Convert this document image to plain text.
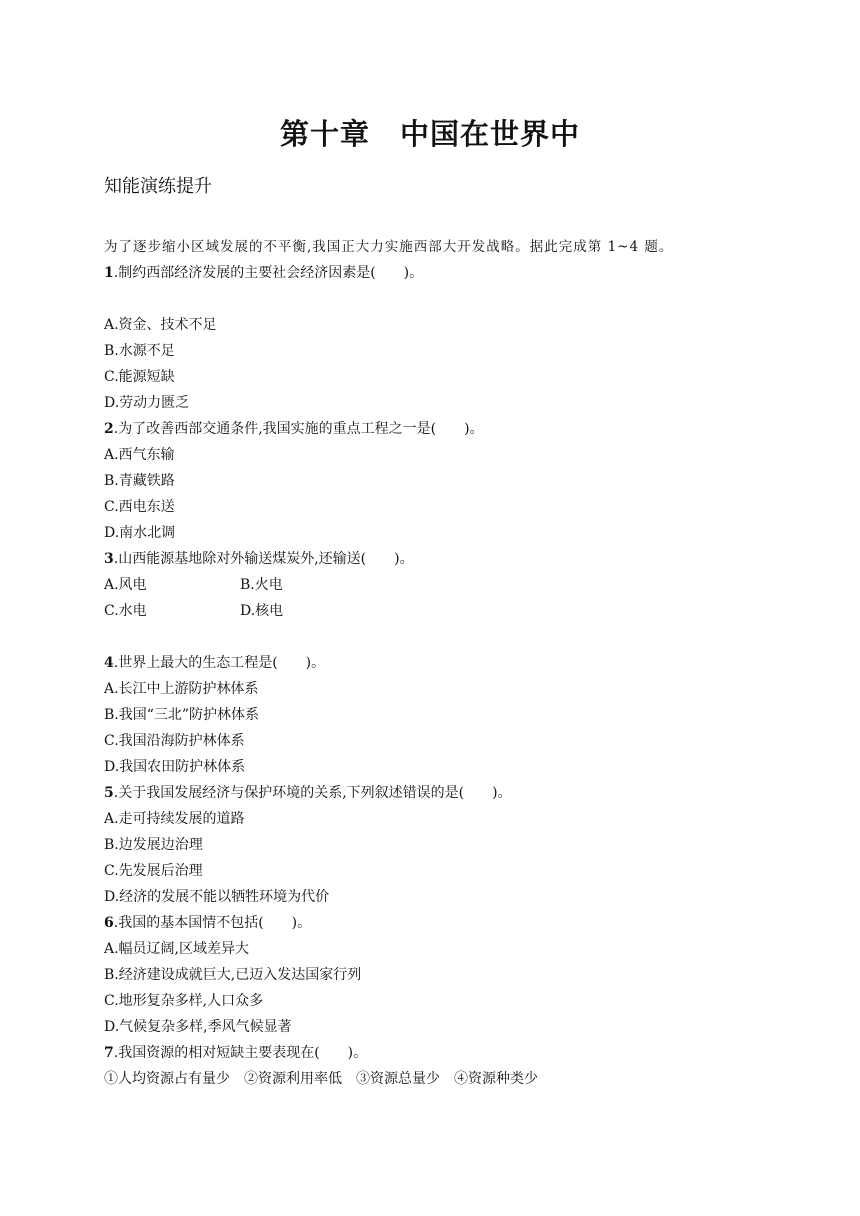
第十章　中国在世界中
知能演练提升
为了逐步缩小区域发展的不平衡,我国正大力实施西部大开发战略。据此完成第 1~4 题。
1.制约西部经济发展的主要社会经济因素是(　　)。
A.资金、技术不足
B.水源不足
C.能源短缺
D.劳动力匮乏
2.为了改善西部交通条件,我国实施的重点工程之一是(　　)。
A.西气东输
B.青藏铁路
C.西电东送
D.南水北调
3.山西能源基地除对外输送煤炭外,还输送(　　)。
A.风电	B.火电
C.水电	D.核电
4.世界上最大的生态工程是(　　)。
A.长江中上游防护林体系
B.我国“三北”防护林体系
C.我国沿海防护林体系
D.我国农田防护林体系
5.关于我国发展经济与保护环境的关系,下列叙述错误的是(　　)。
A.走可持续发展的道路
B.边发展边治理
C.先发展后治理
D.经济的发展不能以牺牲环境为代价
6.我国的基本国情不包括(　　)。
A.幅员辽阔,区域差异大
B.经济建设成就巨大,已迈入发达国家行列
C.地形复杂多样,人口众多
D.气候复杂多样,季风气候显著
7.我国资源的相对短缺主要表现在(　　)。
①人均资源占有量少　②资源利用率低　③资源总量少　④资源种类少
